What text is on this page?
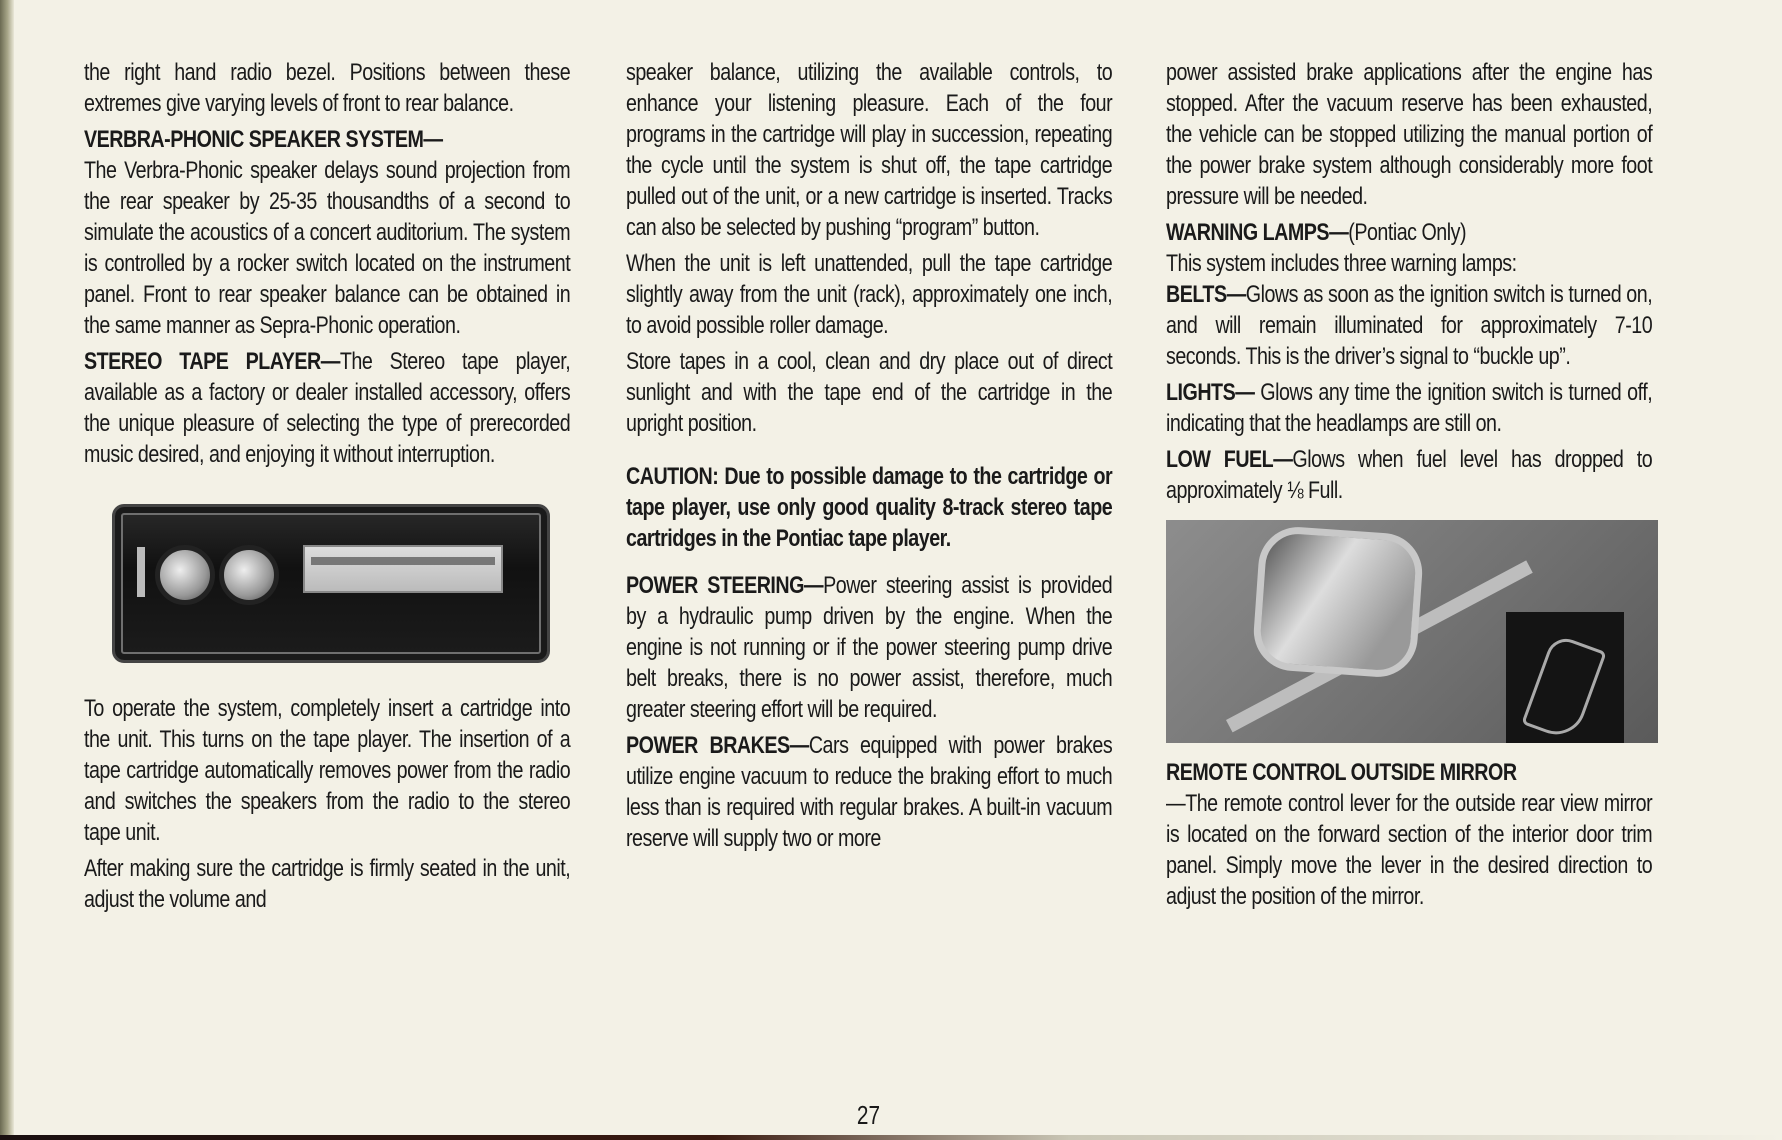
the right hand radio bezel. Positions between these extremes give varying levels of front to rear balance.

VERBRA-PHONIC SPEAKER SYSTEM—
The Verbra-Phonic speaker delays sound projection from the rear speaker by 25-35 thousandths of a second to simulate the acoustics of a concert auditorium. The system is controlled by a rocker switch located on the instrument panel. Front to rear speaker balance can be obtained in the same manner as Sepra-Phonic operation.

STEREO TAPE PLAYER—The Stereo tape player, available as a factory or dealer installed accessory, offers the unique pleasure of selecting the type of prerecorded music desired, and enjoying it without interruption.

To operate the system, completely insert a cartridge into the unit. This turns on the tape player. The insertion of a tape cartridge automatically removes power from the radio and switches the speakers from the radio to the stereo tape unit.

After making sure the cartridge is firmly seated in the unit, adjust the volume and

speaker balance, utilizing the available controls, to enhance your listening pleasure. Each of the four programs in the cartridge will play in succession, repeating the cycle until the system is shut off, the tape cartridge pulled out of the unit, or a new cartridge is inserted. Tracks can also be selected by pushing “program” button.

When the unit is left unattended, pull the tape cartridge slightly away from the unit (rack), approximately one inch, to avoid possible roller damage.

Store tapes in a cool, clean and dry place out of direct sunlight and with the tape end of the cartridge in the upright position.

CAUTION: Due to possible damage to the cartridge or tape player, use only good quality 8-track stereo tape cartridges in the Pontiac tape player.

POWER STEERING—Power steering assist is provided by a hydraulic pump driven by the engine. When the engine is not running or if the power steering pump drive belt breaks, there is no power assist, therefore, much greater steering effort will be required.

POWER BRAKES—Cars equipped with power brakes utilize engine vacuum to reduce the braking effort to much less than is required with regular brakes. A built-in vacuum reserve will supply two or more

power assisted brake applications after the engine has stopped. After the vacuum reserve has been exhausted, the vehicle can be stopped utilizing the manual portion of the power brake system although considerably more foot pressure will be needed.

WARNING LAMPS—(Pontiac Only)
This system includes three warning lamps:

BELTS—Glows as soon as the ignition switch is turned on, and will remain illuminated for approximately 7-10 seconds. This is the driver’s signal to “buckle up”.

LIGHTS— Glows any time the ignition switch is turned off, indicating that the headlamps are still on.

LOW FUEL—Glows when fuel level has dropped to approximately ⅛ Full.

REMOTE CONTROL OUTSIDE MIRROR

—The remote control lever for the outside rear view mirror is located on the forward section of the interior door trim panel. Simply move the lever in the desired direction to adjust the position of the mirror.

27
